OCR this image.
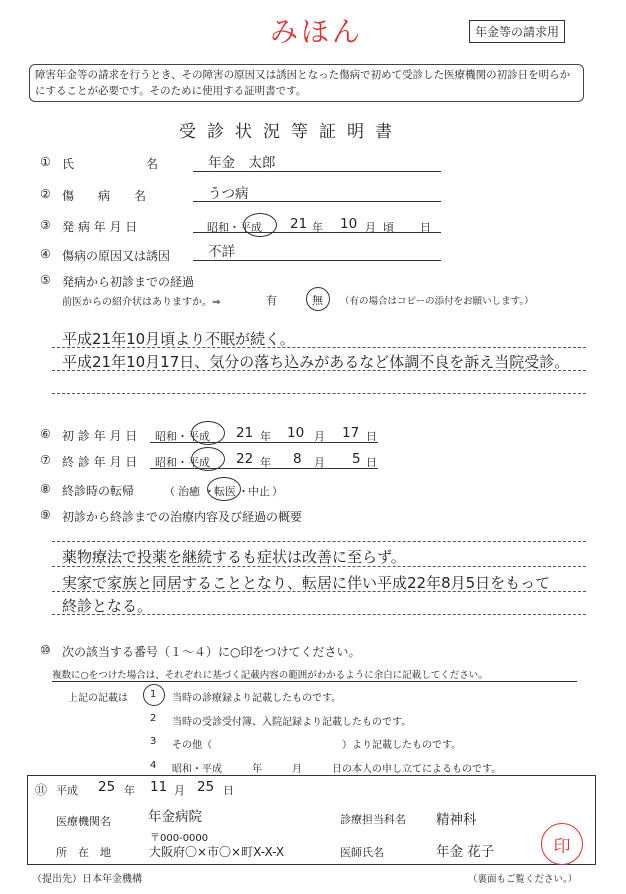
みほん	年金等の請求用
障害年金等の請求を行うとき、その障害の原因又は誘因となった傷病で初めて受診した医療機関の初診日を明らかにすることが必要です。そのために使用する証明書です。
受診状況等証明書
① 氏　　　　　　名	年金　太郎
② 傷　　病　　名	うつ病
③ 発 病 年 月 日	昭和・平成 21 年 10 月 頃 日
④ 傷病の原因又は誘因	不詳
⑤ 発病から初診までの経過
前医からの紹介状はありますか。⇒	有	無 （有の場合はコピーの添付をお願いします。）
平成21年10月頃より不眠が続く。
平成21年10月17日、気分の落ち込みがあるなど体調不良を訴え当院受診。
⑥ 初 診 年 月 日 昭和・平成 21 年 10 月 17 日
⑦ 終 診 年 月 日 昭和・平成 22 年 8 月 5 日
⑧ 終診時の転帰	（ 治癒 ・ 転医 ・ 中止 ）
⑨ 初診から終診までの治療内容及び経過の概要
薬物療法で投薬を継続するも症状は改善に至らず。
実家で家族と同居することとなり、転居に伴い平成22年8月5日をもって
終診となる。
⑩ 次の該当する番号（１～４）に○印をつけてください。
複数に○をつけた場合は、それぞれに基づく記載内容の範囲がわかるように余白に記載してください。
上記の記載は 1 当時の診療録より記載したものです。
2 当時の受診受付簿、入院記録より記載したものです。
3 その他（　　　　　　　　　　　　　）より記載したものです。
4 昭和・平成　　　年　　　月　　　日の本人の申し立てによるものです。
⑪ 平成 25 年 11 月 25 日
医療機関名	年金病院	診療担当科名 精神科
〒000-0000
所　在　地	大阪府〇×市〇×町X-X-X	医師氏名	年金 花子	印
（提出先）日本年金機構	（裏面もご覧ください。）
